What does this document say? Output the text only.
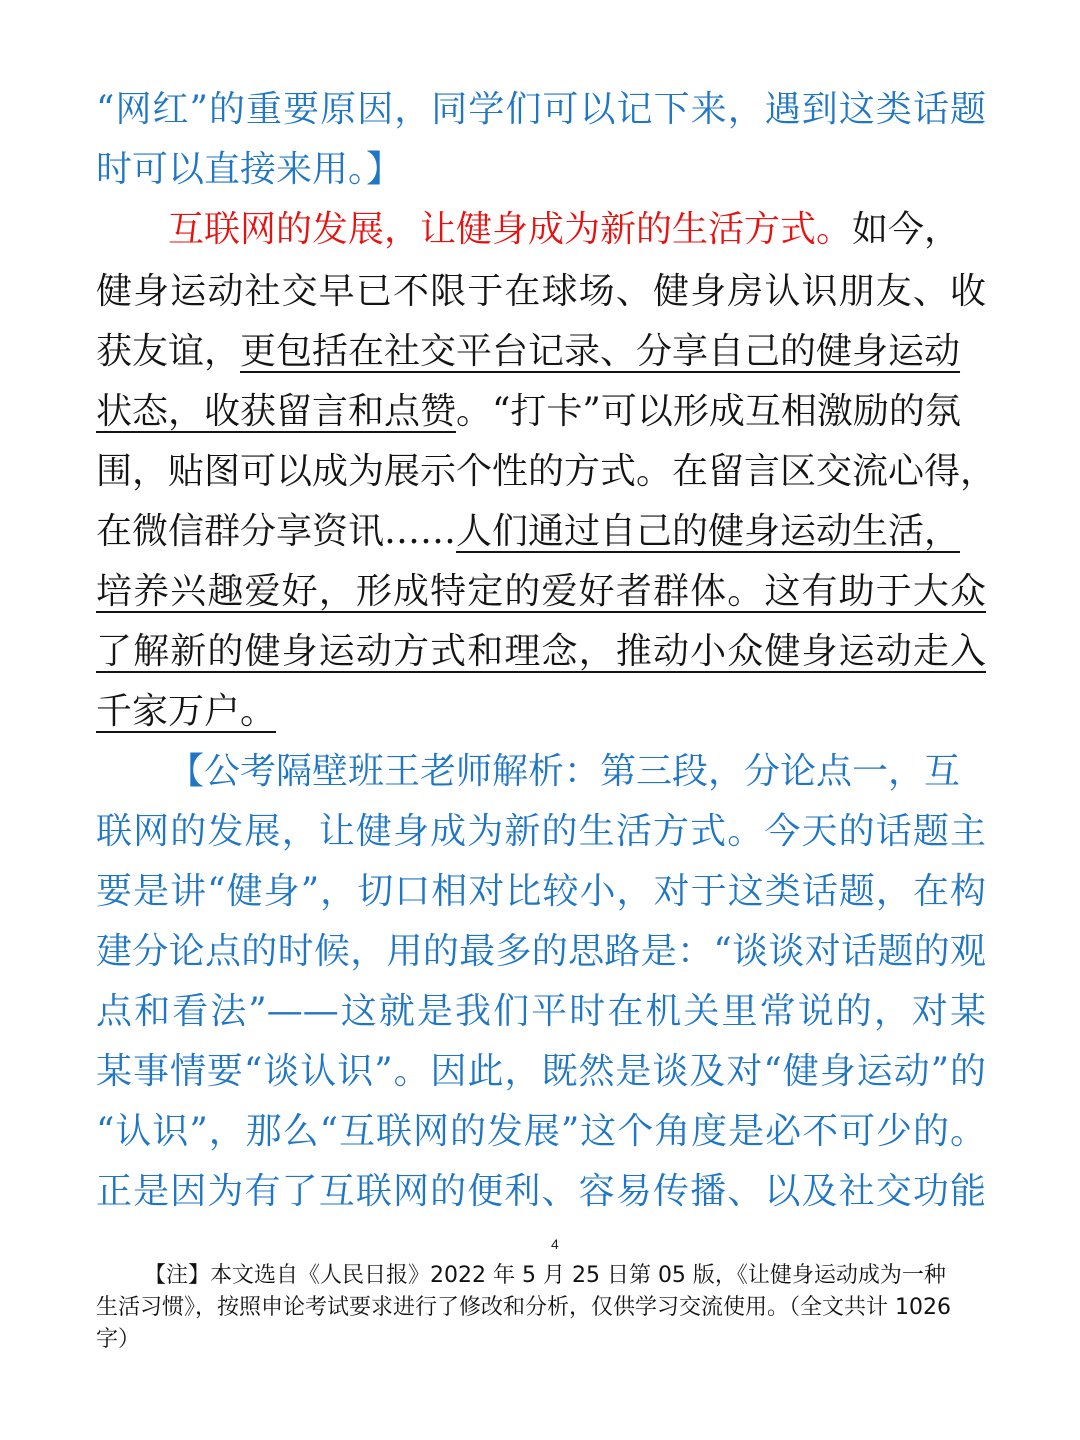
“网红”的重要原因，同学们可以记下来，遇到这类话题
时可以直接来用。】
互联网的发展，让健身成为新的生活方式。如今，
健身运动社交早已不限于在球场、健身房认识朋友、收
获友谊，更包括在社交平台记录、分享自己的健身运动
状态，收获留言和点赞。“打卡”可以形成互相激励的氛
围，贴图可以成为展示个性的方式。在留言区交流心得，
在微信群分享资讯……人们通过自己的健身运动生活，
培养兴趣爱好，形成特定的爱好者群体。这有助于大众
了解新的健身运动方式和理念，推动小众健身运动走入
千家万户。
【公考隔壁班王老师解析：第三段，分论点一，互
联网的发展，让健身成为新的生活方式。今天的话题主
要是讲“健身”，切口相对比较小，对于这类话题，在构
建分论点的时候，用的最多的思路是：“谈谈对话题的观
点和看法”——这就是我们平时在机关里常说的，对某
某事情要“谈认识”。因此，既然是谈及对“健身运动”的
“认识”，那么“互联网的发展”这个角度是必不可少的。
正是因为有了互联网的便利、容易传播、以及社交功能
4
【注】本文选自《人民日报》2022 年 5 月 25 日第 05 版，《让健身运动成为一种
生活习惯》，按照申论考试要求进行了修改和分析，仅供学习交流使用。（全文共计 1026
字）
